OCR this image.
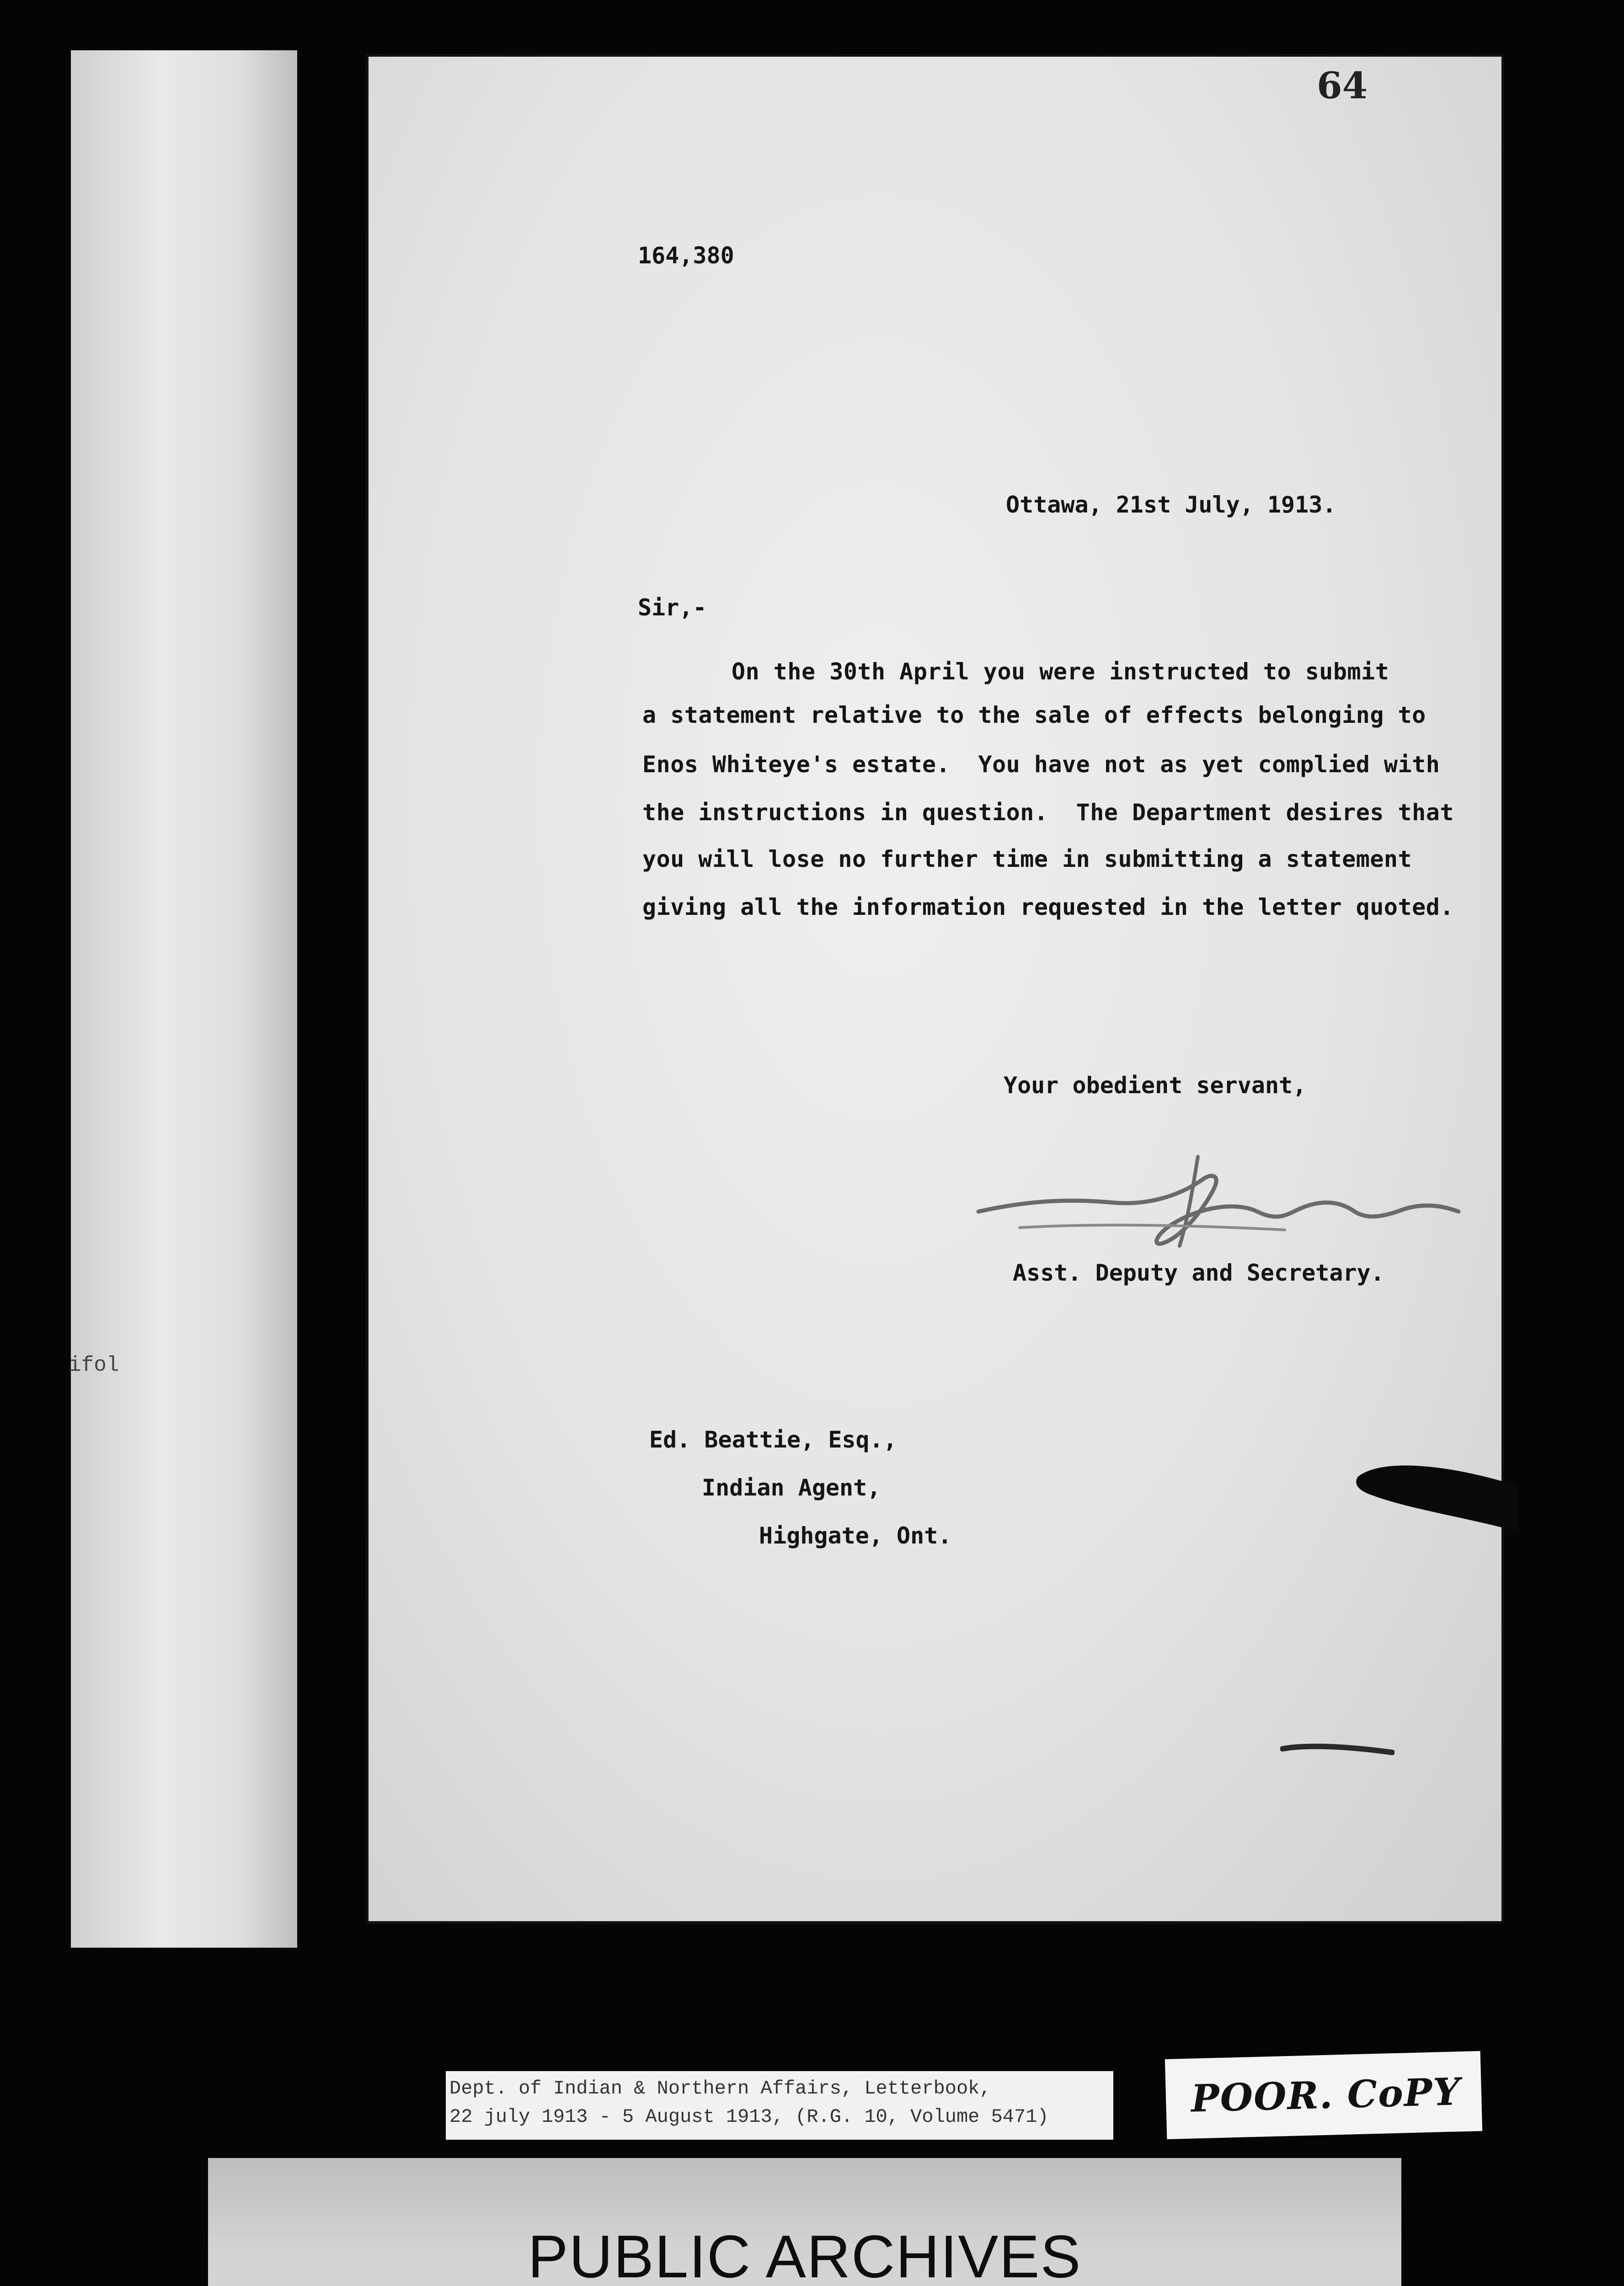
ifol
64
164,380
Ottawa, 21st July, 1913.
Sir,-
On the 30th April you were instructed to submit
a statement relative to the sale of effects belonging to
Enos Whiteye's estate.  You have not as yet complied with
the instructions in question.  The Department desires that
you will lose no further time in submitting a statement
giving all the information requested in the letter quoted.
Your obedient servant,
Asst. Deputy and Secretary.
Ed. Beattie, Esq.,
Indian Agent,
Highgate, Ont.
Dept. of Indian & Northern Affairs, Letterbook,
22 july 1913 - 5 August 1913, (R.G. 10, Volume 5471)	POOR. CoPY
PUBLIC ARCHIVES
